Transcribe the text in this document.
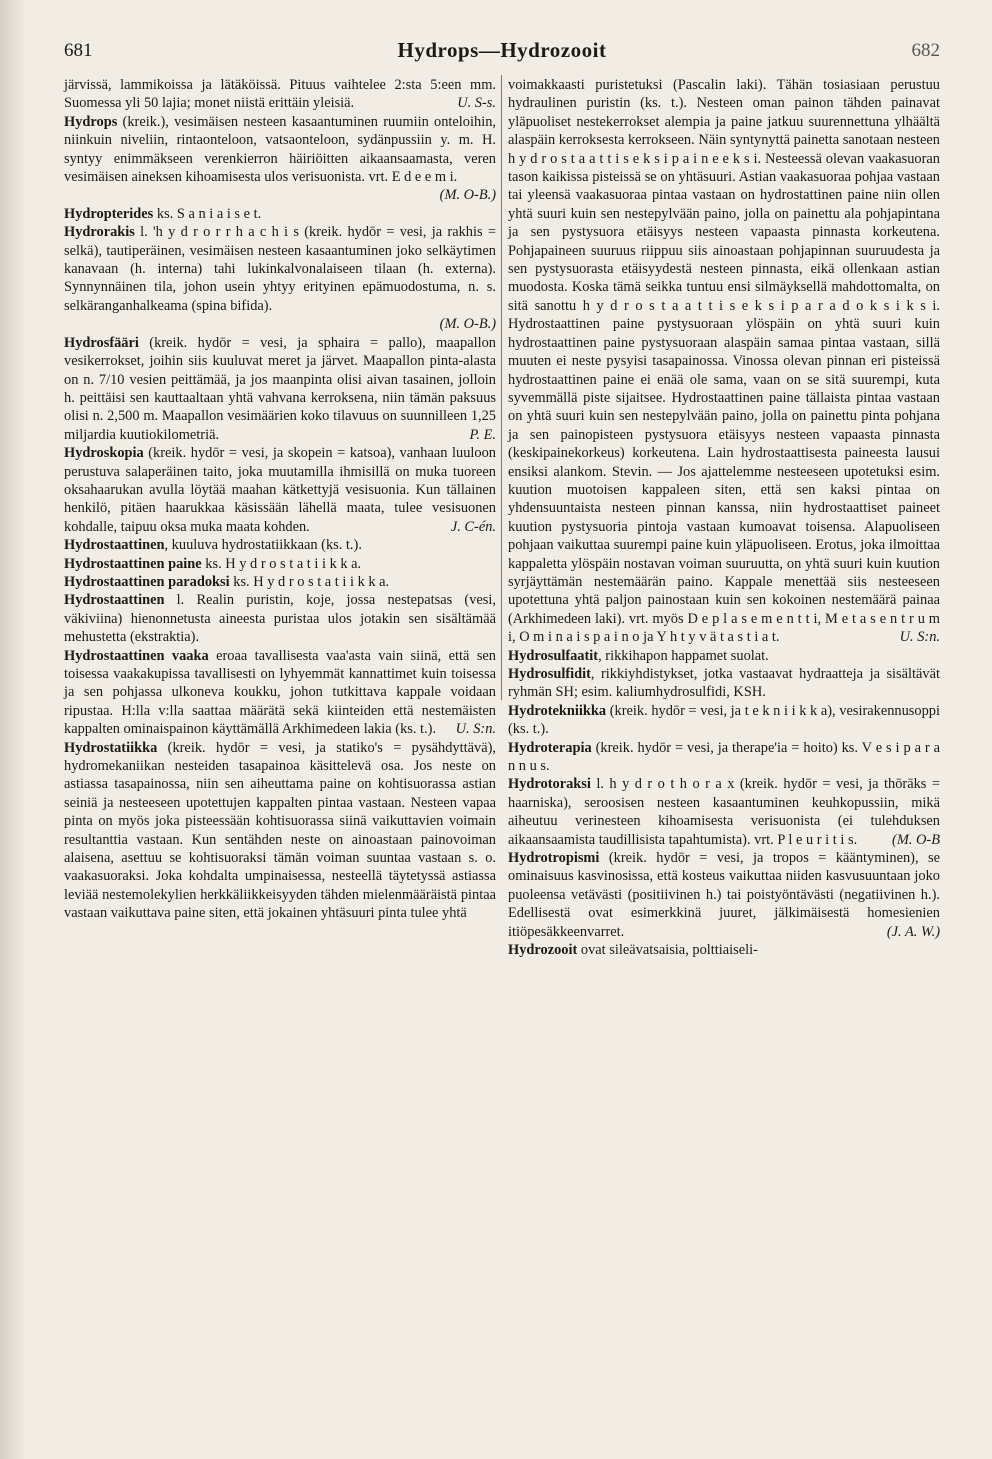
681	Hydrops—Hydrozooit	682

järvissä, lammikoissa ja lätäköissä. Pituus vaihtelee 2:sta 5:een mm. Suomessa yli 50 lajia; monet niistä erittäin yleisiä.	U. S-s.

Hydrops (kreik.), vesimäisen nesteen kasaantuminen ruumiin onteloihin, niinkuin niveliin, rintaonteloon, vatsaonteloon, sydänpussiin y. m. H. syntyy enimmäkseen verenkierron häiriöitten aikaansaamasta, veren vesimäisen aineksen kihoamisesta ulos verisuonista. vrt. E d e e m i.

(M. O-B.)

Hydropterides ks. S a n i a i s e t.

Hydrorakis l. 'h y d r o r r h a c h i s (kreik. hydōr = vesi, ja rakhis = selkä), tautiperäinen, vesimäisen nesteen kasaantuminen joko selkäytimen kanavaan (h. interna) tahi lukinkalvonalaiseen tilaan (h. externa). Synnynnäinen tila, johon usein yhtyy erityinen epämuodostuma, n. s. selkäranganhalkeama (spina bifida).

(M. O-B.)

Hydrosfääri (kreik. hydōr = vesi, ja sphaira = pallo), maapallon vesikerrokset, joihin siis kuuluvat meret ja järvet. Maapallon pinta-alasta on n. 7/10 vesien peittämää, ja jos maanpinta olisi aivan tasainen, jolloin h. peittäisi sen kauttaaltaan yhtä vahvana kerroksena, niin tämän paksuus olisi n. 2,500 m. Maapallon vesimäärien koko tilavuus on suunnilleen 1,25 miljardia kuutiokilometriä.	P. E.

Hydroskopia (kreik. hydōr = vesi, ja skopein = katsoa), vanhaan luuloon perustuva salaperäinen taito, joka muutamilla ihmisillä on muka tuoreen oksahaarukan avulla löytää maahan kätkettyjä vesisuonia. Kun tällainen henkilö, pitäen haarukkaa käsissään lähellä maata, tulee vesisuonen kohdalle, taipuu oksa muka maata kohden.	J. C-én.

Hydrostaattinen, kuuluva hydrostatiikkaan (ks. t.).

Hydrostaattinen paine ks. H y d r o s t a t i i k k a.

Hydrostaattinen paradoksi ks. H y d r o s t a t i i k k a.

Hydrostaattinen l. Realin puristin, koje, jossa nestepatsas (vesi, väkiviina) hienonnetusta aineesta puristaa ulos jotakin sen sisältämää mehustetta (ekstraktia).

Hydrostaattinen vaaka eroaa tavallisesta vaa'asta vain siinä, että sen toisessa vaakakupissa tavallisesti on lyhyemmät kannattimet kuin toisessa ja sen pohjassa ulkoneva koukku, johon tutkittava kappale voidaan ripustaa. H:lla v:lla saattaa määrätä sekä kiinteiden että nestemäisten kappalten ominaispainon käyttämällä Arkhimedeen lakia (ks. t.). U. S:n.

Hydrostatiikka (kreik. hydōr = vesi, ja statiko's = pysähdyttävä), hydromekaniikan nesteiden tasapainoa käsittelevä osa. Jos neste on astiassa tasapainossa, niin sen aiheuttama paine on kohtisuorassa astian seiniä ja nesteeseen upotettujen kappalten pintaa vastaan. Nesteen vapaa pinta on myös joka pisteessään kohtisuorassa siinä vaikuttavien voimain resultanttia vastaan. Kun sentähden neste on ainoastaan painovoiman alaisena, asettuu se kohtisuoraksi tämän voiman suuntaa vastaan s. o. vaakasuoraksi. Joka kohdalta umpinaisessa, nesteellä täytetyssä astiassa leviää nestemolekylien herkkäliikkeisyyden tähden mielenmääräistä pintaa vastaan vaikuttava paine siten, että jokainen yhtäsuuri pinta tulee yhtä

voimakkaasti puristetuksi (Pascalin laki). Tähän tosiasiaan perustuu hydraulinen puristin (ks. t.). Nesteen oman painon tähden painavat yläpuoliset nestekerrokset alempia ja paine jatkuu suurennettuna ylhäältä alaspäin kerroksesta kerrokseen. Näin syntynyttä painetta sanotaan nesteen h y d r o s t a a t t i s e k s i p a i n e e k s i. Nesteessä olevan vaakasuoran tason kaikissa pisteissä se on yhtäsuuri. Astian vaakasuoraa pohjaa vastaan tai yleensä vaakasuoraa pintaa vastaan on hydrostattinen paine niin ollen yhtä suuri kuin sen nestepylvään paino, jolla on painettu ala pohjapintana ja sen pystysuora etäisyys nesteen vapaasta pinnasta korkeutena. Pohjapaineen suuruus riippuu siis ainoastaan pohjapinnan suuruudesta ja sen pystysuorasta etäisyydestä nesteen pinnasta, eikä ollenkaan astian muodosta. Koska tämä seikka tuntuu ensi silmäyksellä mahdottomalta, on sitä sanottu h y d r o s t a a t t i s e k s i p a r a d o k s i k s i. Hydrostaattinen paine pystysuoraan ylöspäin on yhtä suuri kuin hydrostaattinen paine pystysuoraan alaspäin samaa pintaa vastaan, sillä muuten ei neste pysyisi tasapainossa. Vinossa olevan pinnan eri pisteissä hydrostaattinen paine ei enää ole sama, vaan on se sitä suurempi, kuta syvemmällä piste sijaitsee. Hydrostaattinen paine tällaista pintaa vastaan on yhtä suuri kuin sen nestepylvään paino, jolla on painettu pinta pohjana ja sen painopisteen pystysuora etäisyys nesteen vapaasta pinnasta (keskipainekorkeus) korkeutena. Lain hydrostaattisesta paineesta lausui ensiksi alankom. Stevin. — Jos ajattelemme nesteeseen upotetuksi esim. kuution muotoisen kappaleen siten, että sen kaksi pintaa on yhdensuuntaista nesteen pinnan kanssa, niin hydrostaattiset paineet kuution pystysuoria pintoja vastaan kumoavat toisensa. Alapuoliseen pohjaan vaikuttaa suurempi paine kuin yläpuoliseen. Erotus, joka ilmoittaa kappaletta ylöspäin nostavan voiman suuruutta, on yhtä suuri kuin kuution syrjäyttämän nestemäärän paino. Kappale menettää siis nesteeseen upotettuna yhtä paljon painostaan kuin sen kokoinen nestemäärä painaa (Arkhimedeen laki). vrt. myös D e p l a s e m e n t t i, M e t a s e n t r u m i, O m i n a i s p a i n o ja Y h t y v ä t a s t i a t.	U. S:n.

Hydrosulfaatit, rikkihapon happamet suolat.

Hydrosulfidit, rikkiyhdistykset, jotka vastaavat hydraatteja ja sisältävät ryhmän SH; esim. kaliumhydrosulfidi, KSH.

Hydrotekniikka (kreik. hydōr = vesi, ja t e k n i i k k a), vesirakennusoppi (ks. t.).

Hydroterapia (kreik. hydōr = vesi, ja therape'ia = hoito) ks. V e s i p a r a n n u s.

Hydrotoraksi l. h y d r o t h o r a x (kreik. hydōr = vesi, ja thōrāks = haarniska), seroosisen nesteen kasaantuminen keuhkopussiin, mikä aiheutuu verinesteen kihoamisesta verisuonista (ei tulehduksen aikaansaamista taudillisista tapahtumista). vrt. P l e u r i t i s. (M. O-B

Hydrotropismi (kreik. hydōr = vesi, ja tropos = kääntyminen), se ominaisuus kasvinosissa, että kosteus vaikuttaa niiden kasvusuuntaan joko puoleensa vetävästi (positiivinen h.) tai poistyöntävästi (negatiivinen h.). Edellisestä ovat esimerkkinä juuret, jälkimäisestä homesienien itiöpesäkkeenvarret.	(J. A. W.)

Hydrozooit ovat sileävatsaisia, polttiaiseli-
